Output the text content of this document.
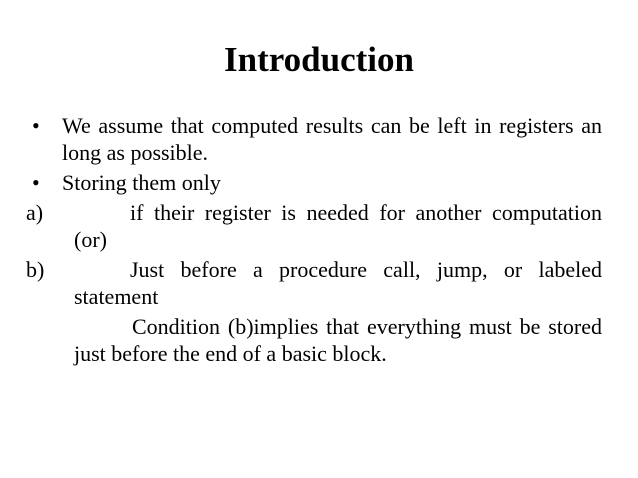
Introduction
• We assume that computed results can be left in registers an long as possible.
• Storing them only
a)	if their register is needed for another computation (or)
b)	Just before a procedure call, jump, or labeled statement
Condition (b)implies that everything must be stored just before the end of a basic block.
